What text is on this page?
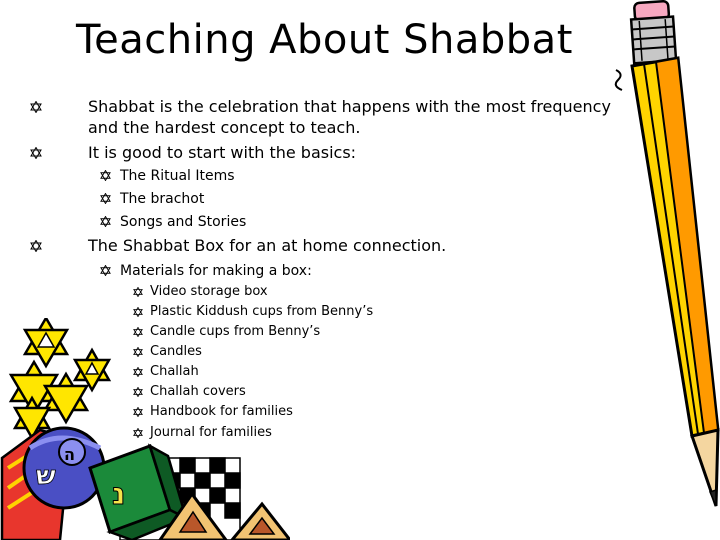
Teaching About Shabbat
Shabbat is the celebration that happens with the most frequency
and the hardest concept to teach.
It is good to start with the basics:
The Ritual Items
The brachot
Songs and Stories
The Shabbat Box for an at home connection.
Materials for making a box:
Video storage box
Plastic Kiddush cups from Benny’s
Candle cups from Benny’s
Candles
Challah
Challah covers
Handbook for families
Journal for families
ש
ה
נ
